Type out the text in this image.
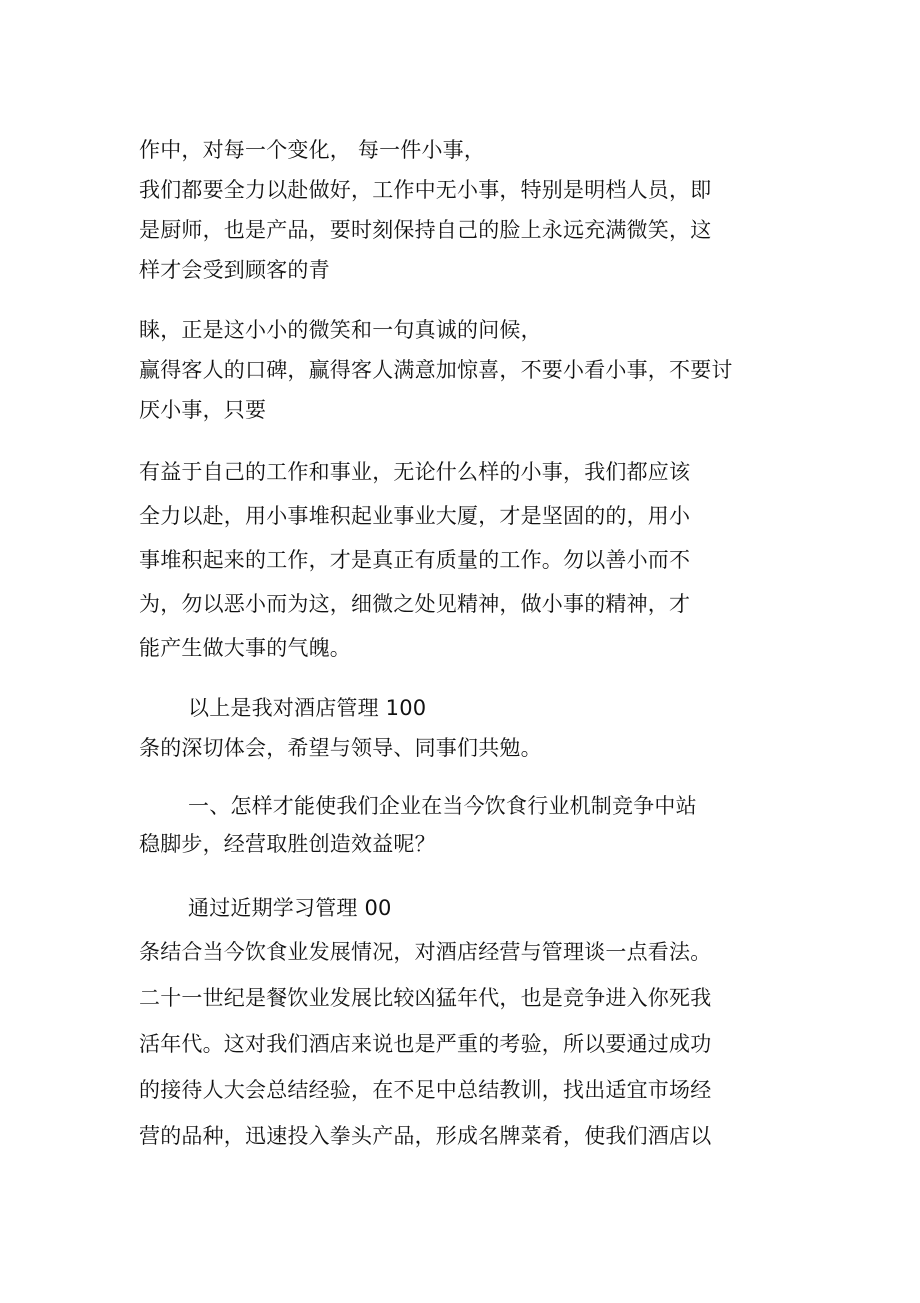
作中，对每一个变化， 每一件小事，
我们都要全力以赴做好，工作中无小事，特别是明档人员，即
是厨师，也是产品，要时刻保持自己的脸上永远充满微笑，这
样才会受到顾客的青
睐，正是这小小的微笑和一句真诚的问候，
赢得客人的口碑，赢得客人满意加惊喜，不要小看小事，不要讨
厌小事，只要
有益于自己的工作和事业，无论什么样的小事，我们都应该
全力以赴，用小事堆积起业事业大厦，才是坚固的的，用小
事堆积起来的工作，才是真正有质量的工作。勿以善小而不
为，勿以恶小而为这，细微之处见精神，做小事的精神，才
能产生做大事的气魄。
以上是我对酒店管理 100
条的深切体会，希望与领导、同事们共勉。
一、怎样才能使我们企业在当今饮食行业机制竞争中站
稳脚步，经营取胜创造效益呢？
通过近期学习管理 00
条结合当今饮食业发展情况，对酒店经营与管理谈一点看法。
二十一世纪是餐饮业发展比较凶猛年代，也是竞争进入你死我
活年代。这对我们酒店来说也是严重的考验，所以要通过成功
的接待人大会总结经验，在不足中总结教训，找出适宜市场经
营的品种，迅速投入拳头产品，形成名牌菜肴，使我们酒店以
